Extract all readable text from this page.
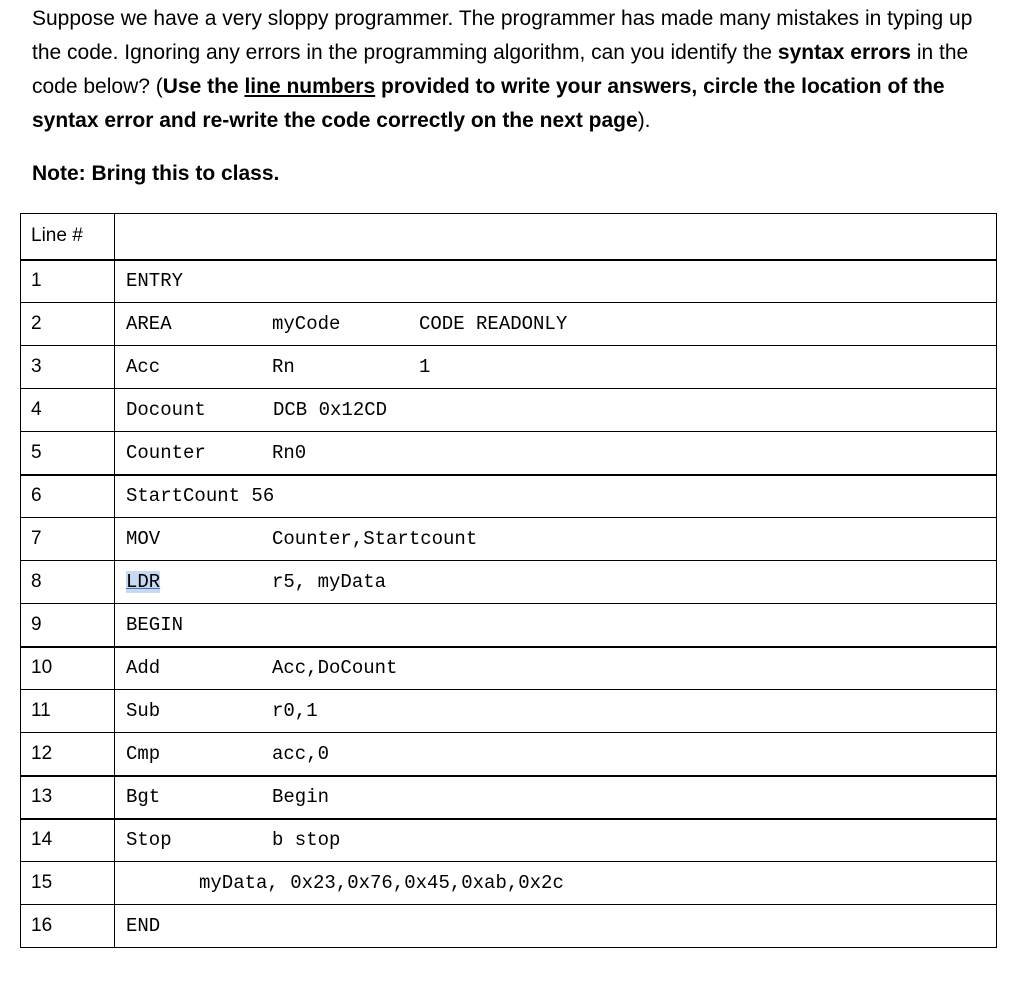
Suppose we have a very sloppy programmer. The programmer has made many mistakes in typing up the code. Ignoring any errors in the programming algorithm, can you identify the syntax errors in the code below? (Use the line numbers provided to write your answers, circle the location of the syntax error and re-write the code correctly on the next page).

Note: Bring this to class.

Line #	
1	ENTRY

2	AREA myCode CODE READONLY

3	Acc Rn 1

4	Docount DCB 0x12CD

5	Counter Rn0

6	StartCount 56

7	MOV Counter,Startcount

8	LDR r5, myData

9	BEGIN

10	Add Acc,DoCount

11	Sub r0,1

12	Cmp acc,0

13	Bgt Begin

14	Stop b stop

15	myData, 0x23,0x76,0x45,0xab,0x2c

16	END
